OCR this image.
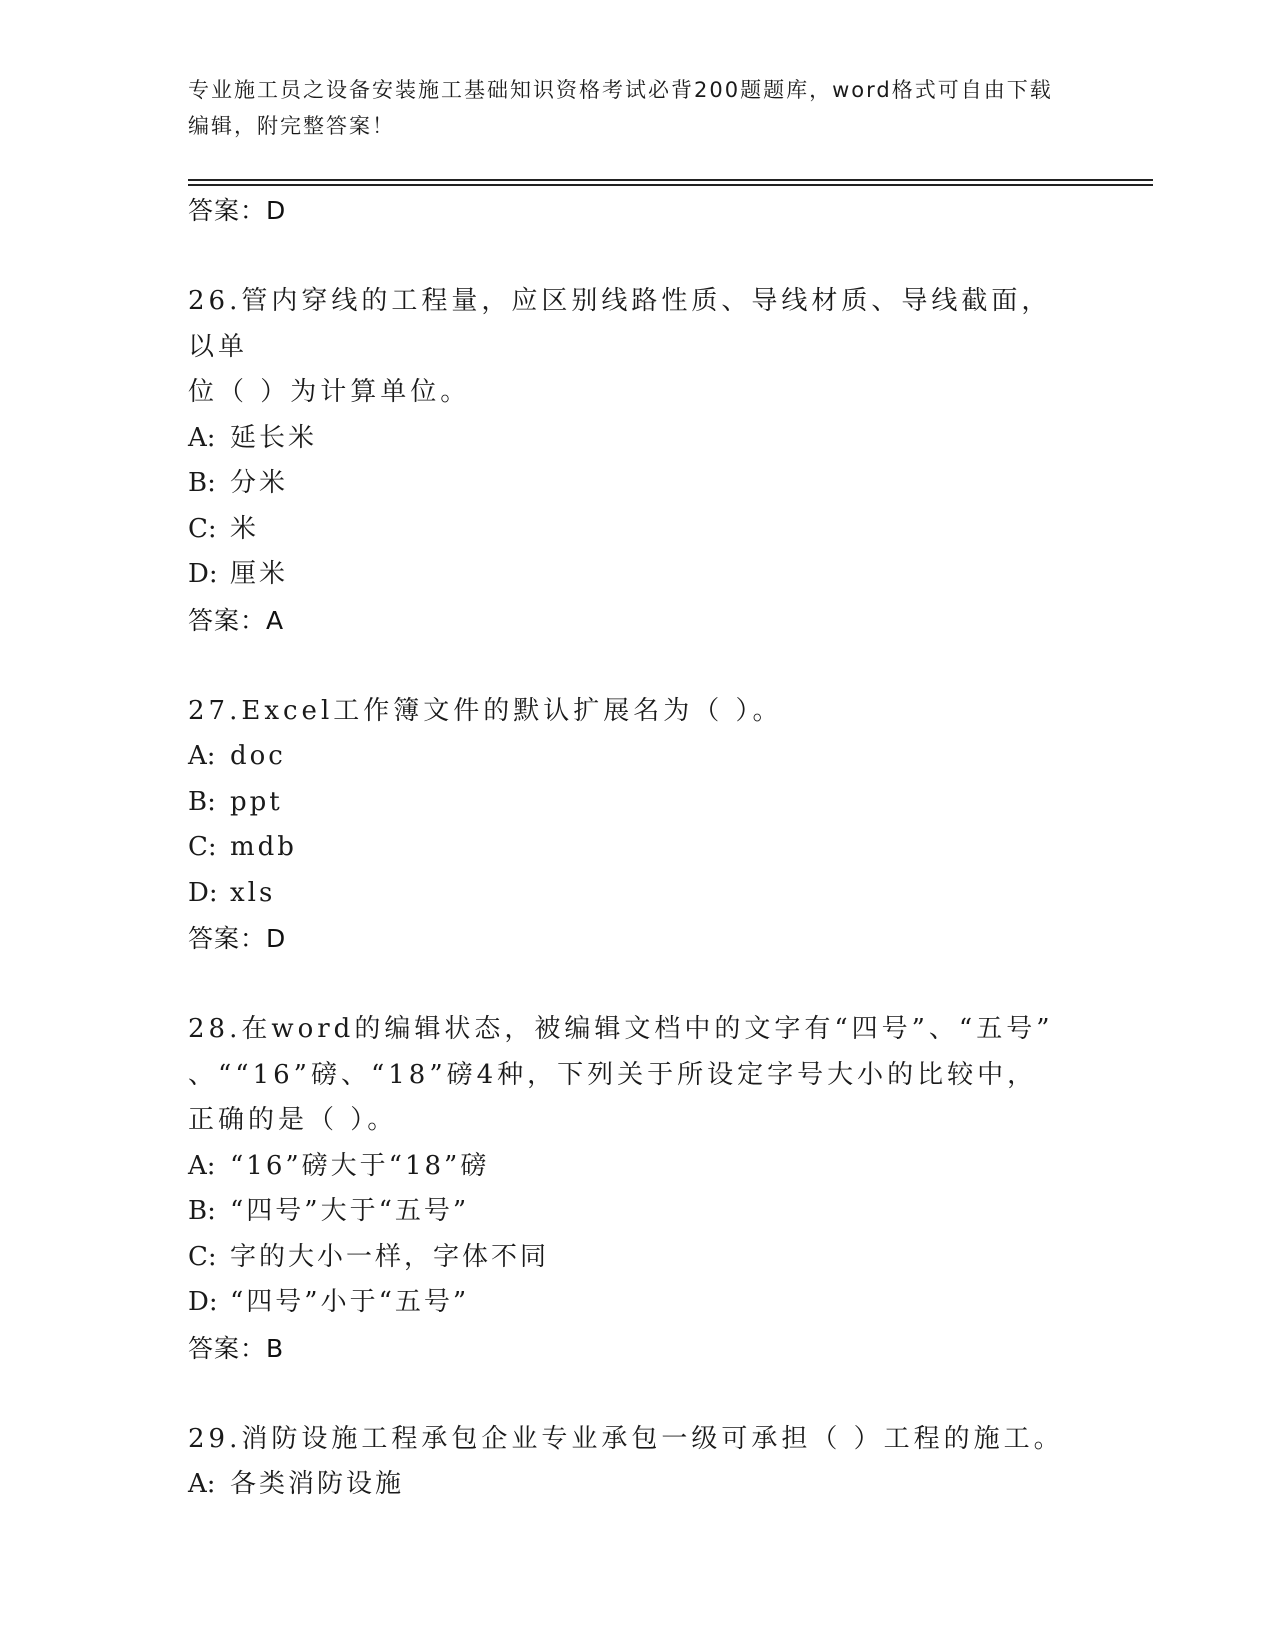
专业施工员之设备安装施工基础知识资格考试必背200题题库，word格式可自由下载编辑，附完整答案！
答案：D
26.管内穿线的工程量，应区别线路性质、导线材质、导线截面，以单
位（ ）为计算单位。
A: 延长米
B: 分米
C: 米
D: 厘米
答案：A
27.Excel工作簿文件的默认扩展名为（ ）。
A: doc
B: ppt
C: mdb
D: xls
答案：D
28.在word的编辑状态，被编辑文档中的文字有“四号”、“五号”
、““16”磅、“18”磅4种，下列关于所设定字号大小的比较中，
正确的是（ ）。
A: “16”磅大于“18”磅
B: “四号”大于“五号”
C: 字的大小一样，字体不同
D: “四号”小于“五号”
答案：B
29.消防设施工程承包企业专业承包一级可承担（ ）工程的施工。
A: 各类消防设施
